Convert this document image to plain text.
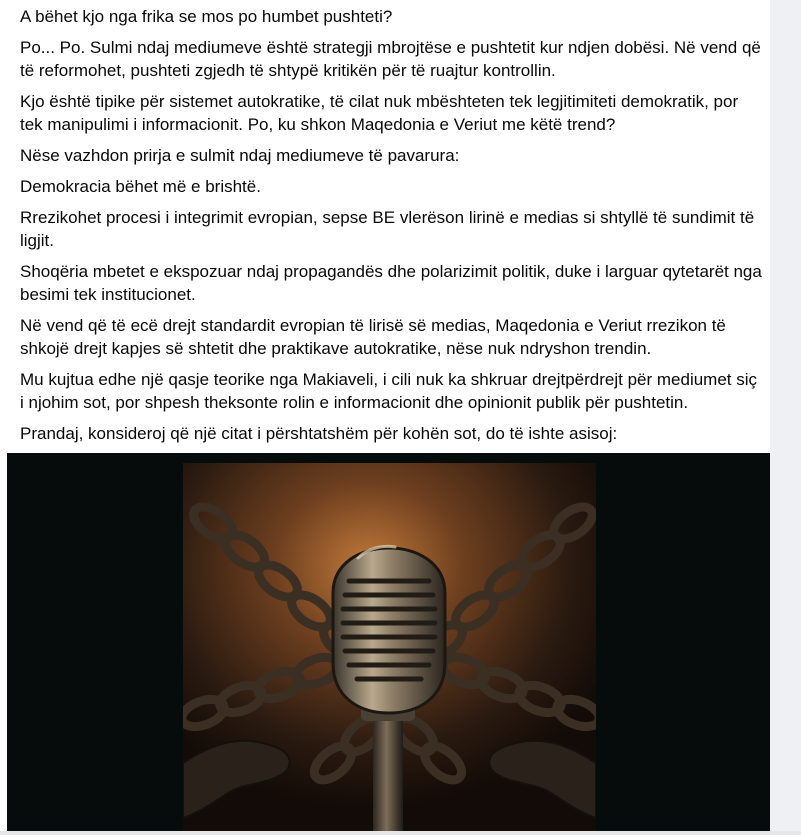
A bëhet kjo nga frika se mos po humbet pushteti?

Po... Po. Sulmi ndaj mediumeve është strategji mbrojtëse e pushtetit kur ndjen dobësi. Në vend që të reformohet, pushteti zgjedh të shtypë kritikën për të ruajtur kontrollin.

Kjo është tipike për sistemet autokratike, të cilat nuk mbështeten tek legjitimiteti demokratik, por tek manipulimi i informacionit. Po, ku shkon Maqedonia e Veriut me këtë trend?

Nëse vazhdon prirja e sulmit ndaj mediumeve të pavarura:

Demokracia bëhet më e brishtë.

Rrezikohet procesi i integrimit evropian, sepse BE vlerëson lirinë e medias si shtyllë të sundimit të ligjit.

Shoqëria mbetet e ekspozuar ndaj propagandës dhe polarizimit politik, duke i larguar qytetarët nga besimi tek institucionet.

Në vend që të ecë drejt standardit evropian të lirisë së medias, Maqedonia e Veriut rrezikon të shkojë drejt kapjes së shtetit dhe praktikave autokratike, nëse nuk ndryshon trendin.

Mu kujtua edhe një qasje teorike nga Makiaveli, i cili nuk ka shkruar drejtpërdrejt për mediumet siç i njohim sot, por shpesh theksonte rolin e informacionit dhe opinionit publik për pushtetin.

Prandaj, konsideroj që një citat i përshtatshëm për kohën sot, do të ishte asisoj:
